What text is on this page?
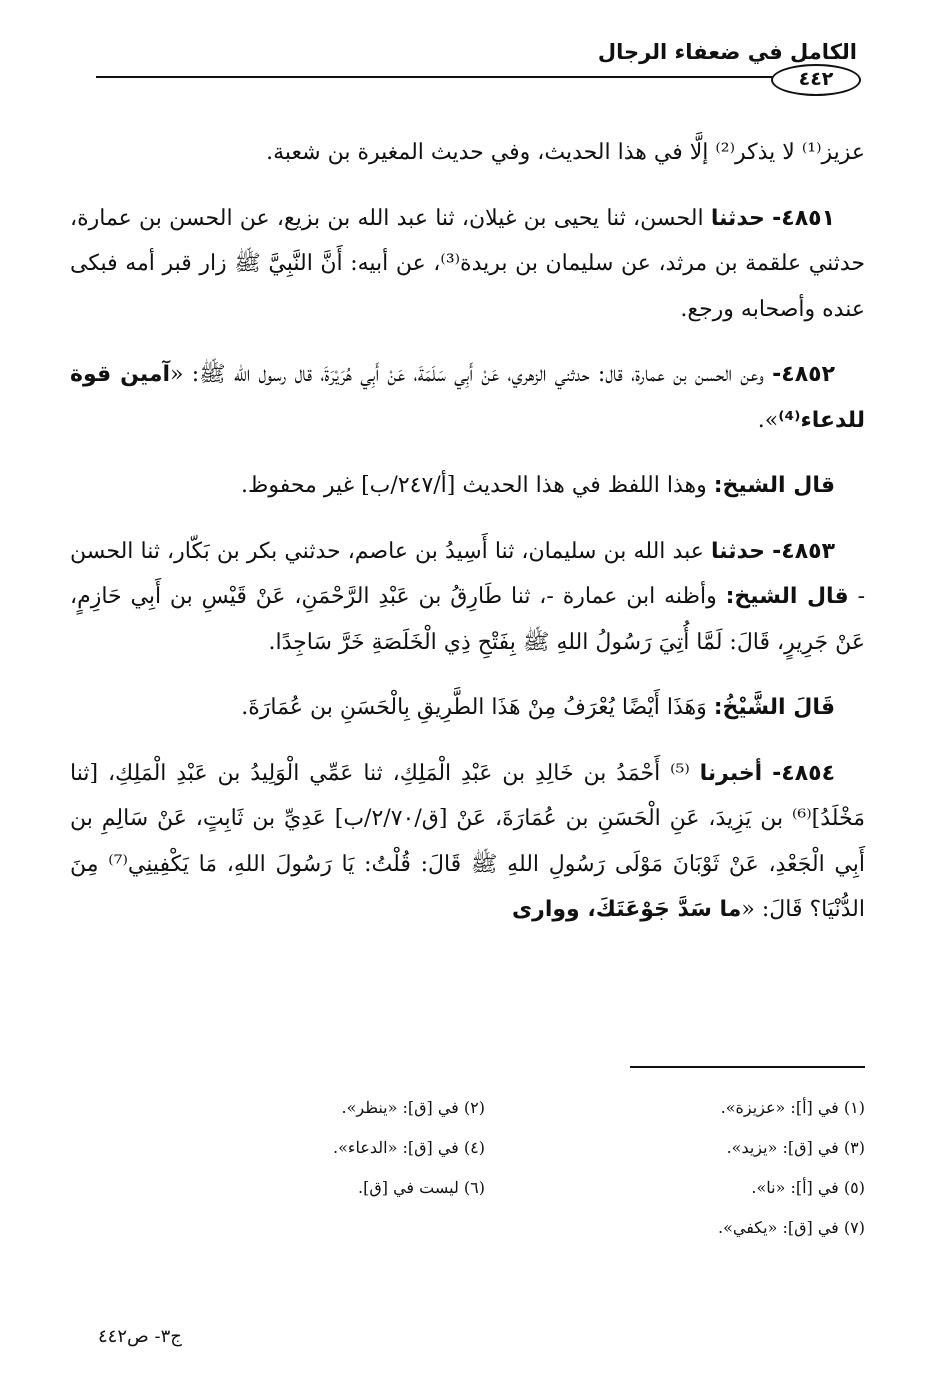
الكامل في ضعفاء الرجال
٤٤٢

عزيز⁽¹⁾ لا يذكر⁽²⁾ إلَّا في هذا الحديث، وفي حديث المغيرة بن شعبة.

٤٨٥١- حدثنا الحسن، ثنا يحيى بن غيلان، ثنا عبد الله بن بزيع، عن الحسن بن عمارة، حدثني علقمة بن مرثد، عن سليمان بن بريدة⁽³⁾، عن أبيه: أَنَّ النَّبِيَّ ﷺ زار قبر أمه فبكى عنده وأصحابه ورجع.

٤٨٥٢- وعن الحسن بن عمارة، قال: حدثني الزهري، عَنْ أَبِي سَلَمَةَ، عَنْ أَبِي هُرَيْرَةَ، قال رسول الله ﷺ: «آمين قوة للدعاء⁽⁴⁾».

قال الشيخ: وهذا اللفظ في هذا الحديث [أ/٢٤٧/ب] غير محفوظ.

٤٨٥٣- حدثنا عبد الله بن سليمان، ثنا أَسِيدُ بن عاصم، حدثني بكر بن بَكّار، ثنا الحسن - قال الشيخ: وأظنه ابن عمارة -، ثنا طَارِقُ بن عَبْدِ الرَّحْمَنِ، عَنْ قَيْسِ بن أَبِي حَازِمٍ، عَنْ جَرِيرٍ، قَالَ: لَمَّا أُتِيَ رَسُولُ اللهِ ﷺ بِفَتْحِ ذِي الْخَلَصَةِ خَرَّ سَاجِدًا.

قَالَ الشَّيْخُ: وَهَذَا أَيْضًا يُعْرَفُ مِنْ هَذَا الطَّرِيقِ بِالْحَسَنِ بن عُمَارَةَ.

٤٨٥٤- أخبرنا ⁽⁵⁾ أَحْمَدُ بن خَالِدِ بن عَبْدِ الْمَلِكِ، ثنا عَمِّي الْوَلِيدُ بن عَبْدِ الْمَلِكِ، [ثنا مَخْلَدُ]⁽⁶⁾ بن يَزِيدَ، عَنِ الْحَسَنِ بن عُمَارَةَ، عَنْ [ق/٢/٧٠/ب] عَدِيِّ بن ثَابِتٍ، عَنْ سَالِمِ بن أَبِي الْجَعْدِ، عَنْ ثَوْبَانَ مَوْلَى رَسُولِ اللهِ ﷺ قَالَ: قُلْتُ: يَا رَسُولَ اللهِ، مَا يَكْفِينِي⁽⁷⁾ مِنَ الدُّنْيَا؟ قَالَ: «ما سَدَّ جَوْعَتَكَ، ووارى

(١) في [أ]: «عزيزة».
(٢) في [ق]: «ينظر».
(٣) في [ق]: «يزيد».
(٤) في [ق]: «الدعاء».
(٥) في [أ]: «نا».
(٦) ليست في [ق].
(٧) في [ق]: «يكفي».
ج٣- ص٤٤٢
